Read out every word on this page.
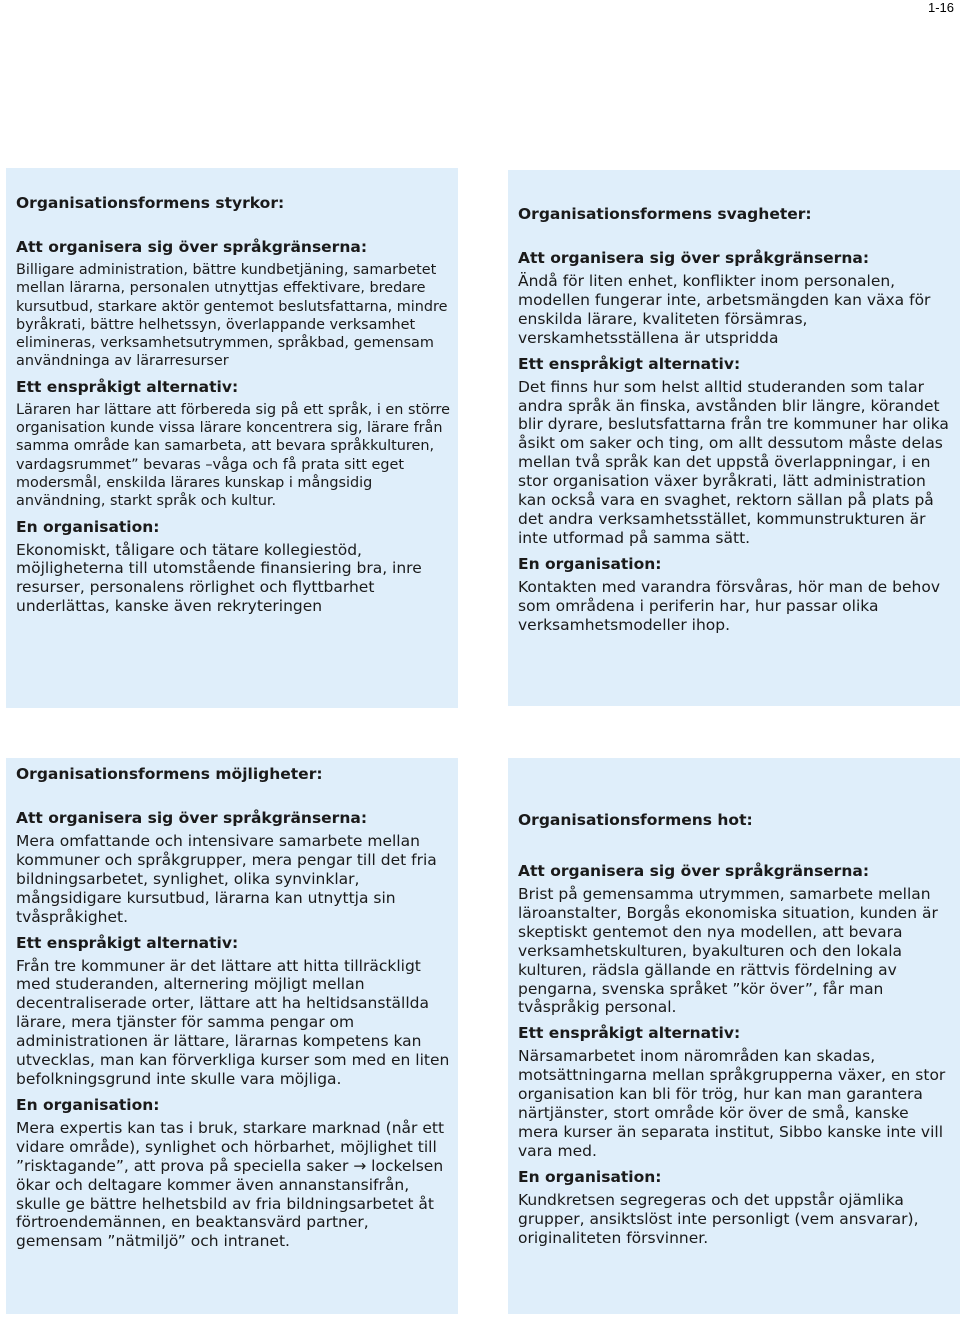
1-16
Organisationsformens styrkor:
Att organisera sig över språkgränserna:
Billigare administration, bättre kundbetjäning, samarbetet mellan lärarna, personalen utnyttjas effektivare, bredare kursutbud, starkare aktör gentemot beslutsfattarna, mindre byråkrati, bättre helhetssyn, överlappande verksamhet elimineras, verksamhetsutrymmen, språkbad, gemensam användninga av lärarresurser
Ett enspråkigt alternativ:
Läraren har lättare att förbereda sig på ett språk, i en större organisation kunde vissa lärare koncentrera sig, lärare från samma område kan samarbeta, att bevara språkkulturen, vardagsrummet” bevaras –våga och få prata sitt eget modersmål, enskilda lärares kunskap i mångsidig användning, starkt språk och kultur.
En organisation:
Ekonomiskt, tåligare och tätare kollegiestöd, möjligheterna till utomstående finansiering bra, inre resurser, personalens rörlighet och flyttbarhet underlättas, kanske även rekryteringen
Organisationsformens svagheter:
Att organisera sig över språkgränserna:
Ändå för liten enhet, konflikter inom personalen, modellen fungerar inte, arbetsmängden kan växa för enskilda lärare, kvaliteten försämras, verskamhetsställena är utspridda
Ett enspråkigt alternativ:
Det finns hur som helst alltid studeranden som talar andra språk än finska, avstånden blir längre, körandet blir dyrare, beslutsfattarna från tre kommuner har olika åsikt om saker och ting, om allt dessutom måste delas mellan två språk kan det uppstå överlappningar, i en stor organisation växer byråkrati, lätt administration kan också vara en svaghet, rektorn sällan på plats på det andra verksamhetsstället, kommunstrukturen är inte utformad på samma sätt.
En organisation:
Kontakten med varandra försvåras, hör man de behov som områdena i periferin har, hur passar olika verksamhetsmodeller ihop.
Organisationsformens möjligheter:
Att organisera sig över språkgränserna:
Mera omfattande och intensivare samarbete mellan kommuner och språkgrupper, mera pengar till det fria bildningsarbetet, synlighet, olika synvinklar, mångsidigare kursutbud, lärarna kan utnyttja sin tvåspråkighet.
Ett enspråkigt alternativ:
Från tre kommuner är det lättare att hitta tillräckligt med studeranden, alternering möjligt mellan decentraliserade orter, lättare att ha heltidsanställda lärare, mera tjänster för samma pengar om administrationen är lättare, lärarnas kompetens kan utvecklas, man kan förverkliga kurser som med en liten befolkningsgrund inte skulle vara möjliga.
En organisation:
Mera expertis kan tas i bruk, starkare marknad (når ett vidare område), synlighet och hörbarhet, möjlighet till ”risktagande”, att prova på speciella saker → lockelsen ökar och deltagare kommer även annanstansifrån, skulle ge bättre helhetsbild av fria bildningsarbetet åt förtroendemännen, en beaktansvärd partner, gemensam ”nätmiljö” och intranet.
Organisationsformens hot:
Att organisera sig över språkgränserna:
Brist på gemensamma utrymmen, samarbete mellan läroanstalter, Borgås ekonomiska situation, kunden är skeptiskt gentemot den nya modellen, att bevara verksamhetskulturen, byakulturen och den lokala kulturen, rädsla gällande en rättvis fördelning av pengarna, svenska språket ”kör över”, får man tvåspråkig personal.
Ett enspråkigt alternativ:
Närsamarbetet inom närområden kan skadas, motsättningarna mellan språkgrupperna växer, en stor organisation kan bli för trög, hur kan man garantera närtjänster, stort område kör över de små, kanske mera kurser än separata institut, Sibbo kanske inte vill vara med.
En organisation:
Kundkretsen segregeras och det uppstår ojämlika grupper, ansiktslöst inte personligt (vem ansvarar), originaliteten försvinner.
